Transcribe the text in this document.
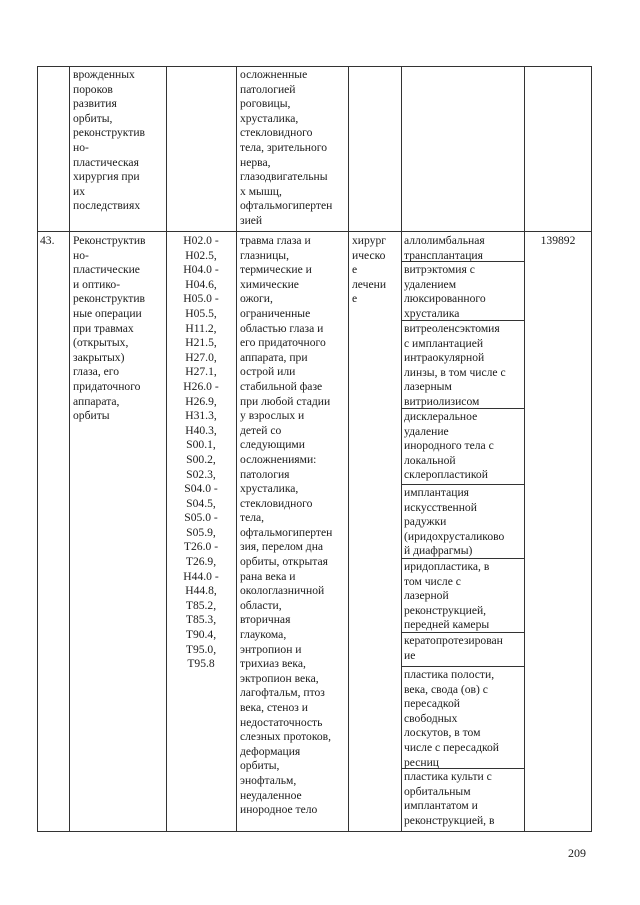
врожденных
пороков
развития
орбиты,
реконструктив
но-
пластическая
хирургия при
их
последствиях
осложненные
патологией
роговицы,
хрусталика,
стекловидного
тела, зрительного
нерва,
глазодвигательны
х мышц,
офтальмогипертен
зией
43.	Реконструктив
но-
пластические
и оптико-
реконструктив
ные операции
при травмах
(открытых,
закрытых)
глаза, его
придаточного
аппарата,
орбиты
H02.0 -
H02.5,
H04.0 -
H04.6,
H05.0 -
H05.5,
H11.2,
H21.5,
H27.0,
H27.1,
H26.0 -
H26.9,
H31.3,
H40.3,
S00.1,
S00.2,
S02.3,
S04.0 -
S04.5,
S05.0 -
S05.9,
T26.0 -
T26.9,
H44.0 -
H44.8,
T85.2,
T85.3,
T90.4,
T95.0,
T95.8
травма глаза и
глазницы,
термические и
химические
ожоги,
ограниченные
областью глаза и
его придаточного
аппарата, при
острой или
стабильной фазе
при любой стадии
у взрослых и
детей со
следующими
осложнениями:
патология
хрусталика,
стекловидного
тела,
офтальмогипертен
зия, перелом дна
орбиты, открытая
рана века и
окологлазничной
области,
вторичная
глаукома,
энтропион и
трихиаз века,
эктропион века,
лагофтальм, птоз
века, стеноз и
недостаточность
слезных протоков,
деформация
орбиты,
энофтальм,
неудаленное
инородное тело
хирург
ическо
е
лечени
е
аллолимбальная
трансплантация
витрэктомия с
удалением
люксированного
хрусталика
витреоленсэктомия
с имплантацией
интраокулярной
линзы, в том числе с
лазерным
витриолизисом
дисклеральное
удаление
инородного тела с
локальной
склеропластикой
имплантация
искусственной
радужки
(иридохрусталиково
й диафрагмы)
иридопластика, в
том числе с
лазерной
реконструкцией,
передней камеры
кератопротезирован
ие
пластика полости,
века, свода (ов) с
пересадкой
свободных
лоскутов, в том
числе с пересадкой
ресниц
пластика культи с
орбитальным
имплантатом и
реконструкцией, в
139892
209
